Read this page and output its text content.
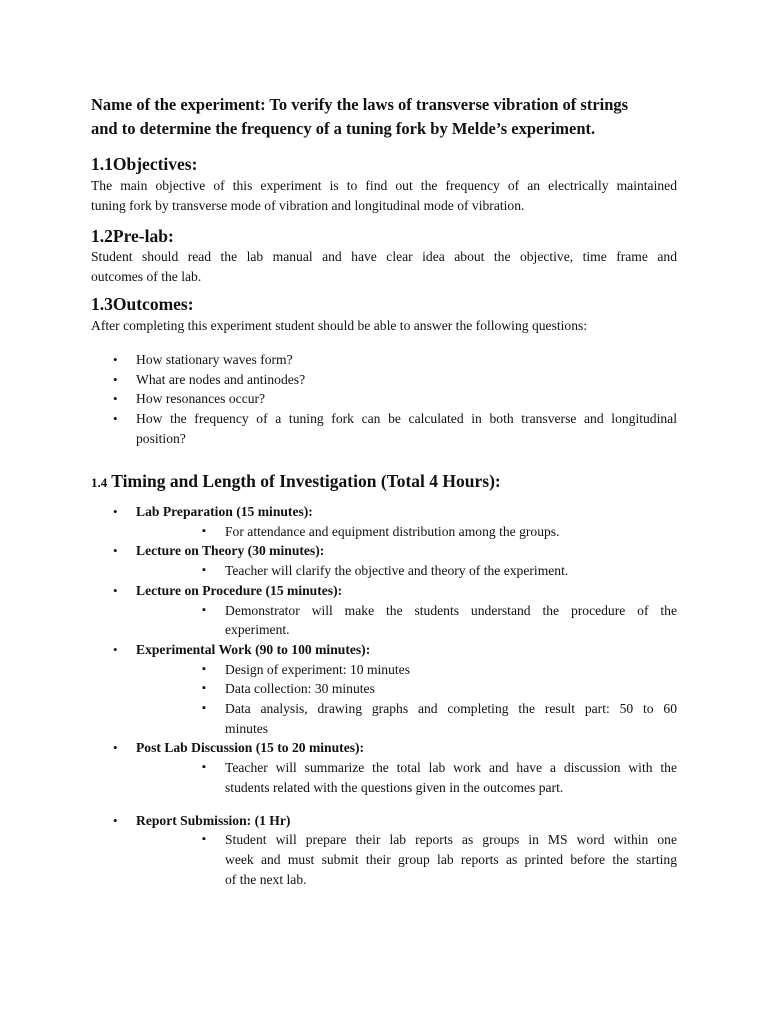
Name of the experiment: To verify the laws of transverse vibration of strings
and to determine the frequency of a tuning fork by Melde’s experiment.
1.1Objectives:

The main objective of this experiment is to find out the frequency of an electrically maintained
tuning fork by transverse mode of vibration and longitudinal mode of vibration.

1.2Pre-lab:

Student should read the lab manual and have clear idea about the objective, time frame and
outcomes of the lab.

1.3Outcomes:

After completing this experiment student should be able to answer the following questions:

• How stationary waves form?
• What are nodes and antinodes?
• How resonances occur?
• How the frequency of a tuning fork can be calculated in both transverse and longitudinal
position?
1.4 Timing and Length of Investigation (Total 4 Hours):
• Lab Preparation (15 minutes):
▪ For attendance and equipment distribution among the groups.
• Lecture on Theory (30 minutes):
▪ Teacher will clarify the objective and theory of the experiment.
• Lecture on Procedure (15 minutes):
▪ Demonstrator will make the students understand the procedure of the
experiment.
• Experimental Work (90 to 100 minutes):
▪ Design of experiment: 10 minutes
▪ Data collection: 30 minutes
▪ Data analysis, drawing graphs and completing the result part: 50 to 60
minutes
• Post Lab Discussion (15 to 20 minutes):
▪ Teacher will summarize the total lab work and have a discussion with the
students related with the questions given in the outcomes part.
• Report Submission: (1 Hr)
▪ Student will prepare their lab reports as groups in MS word within one
week and must submit their group lab reports as printed before the starting
of the next lab.
